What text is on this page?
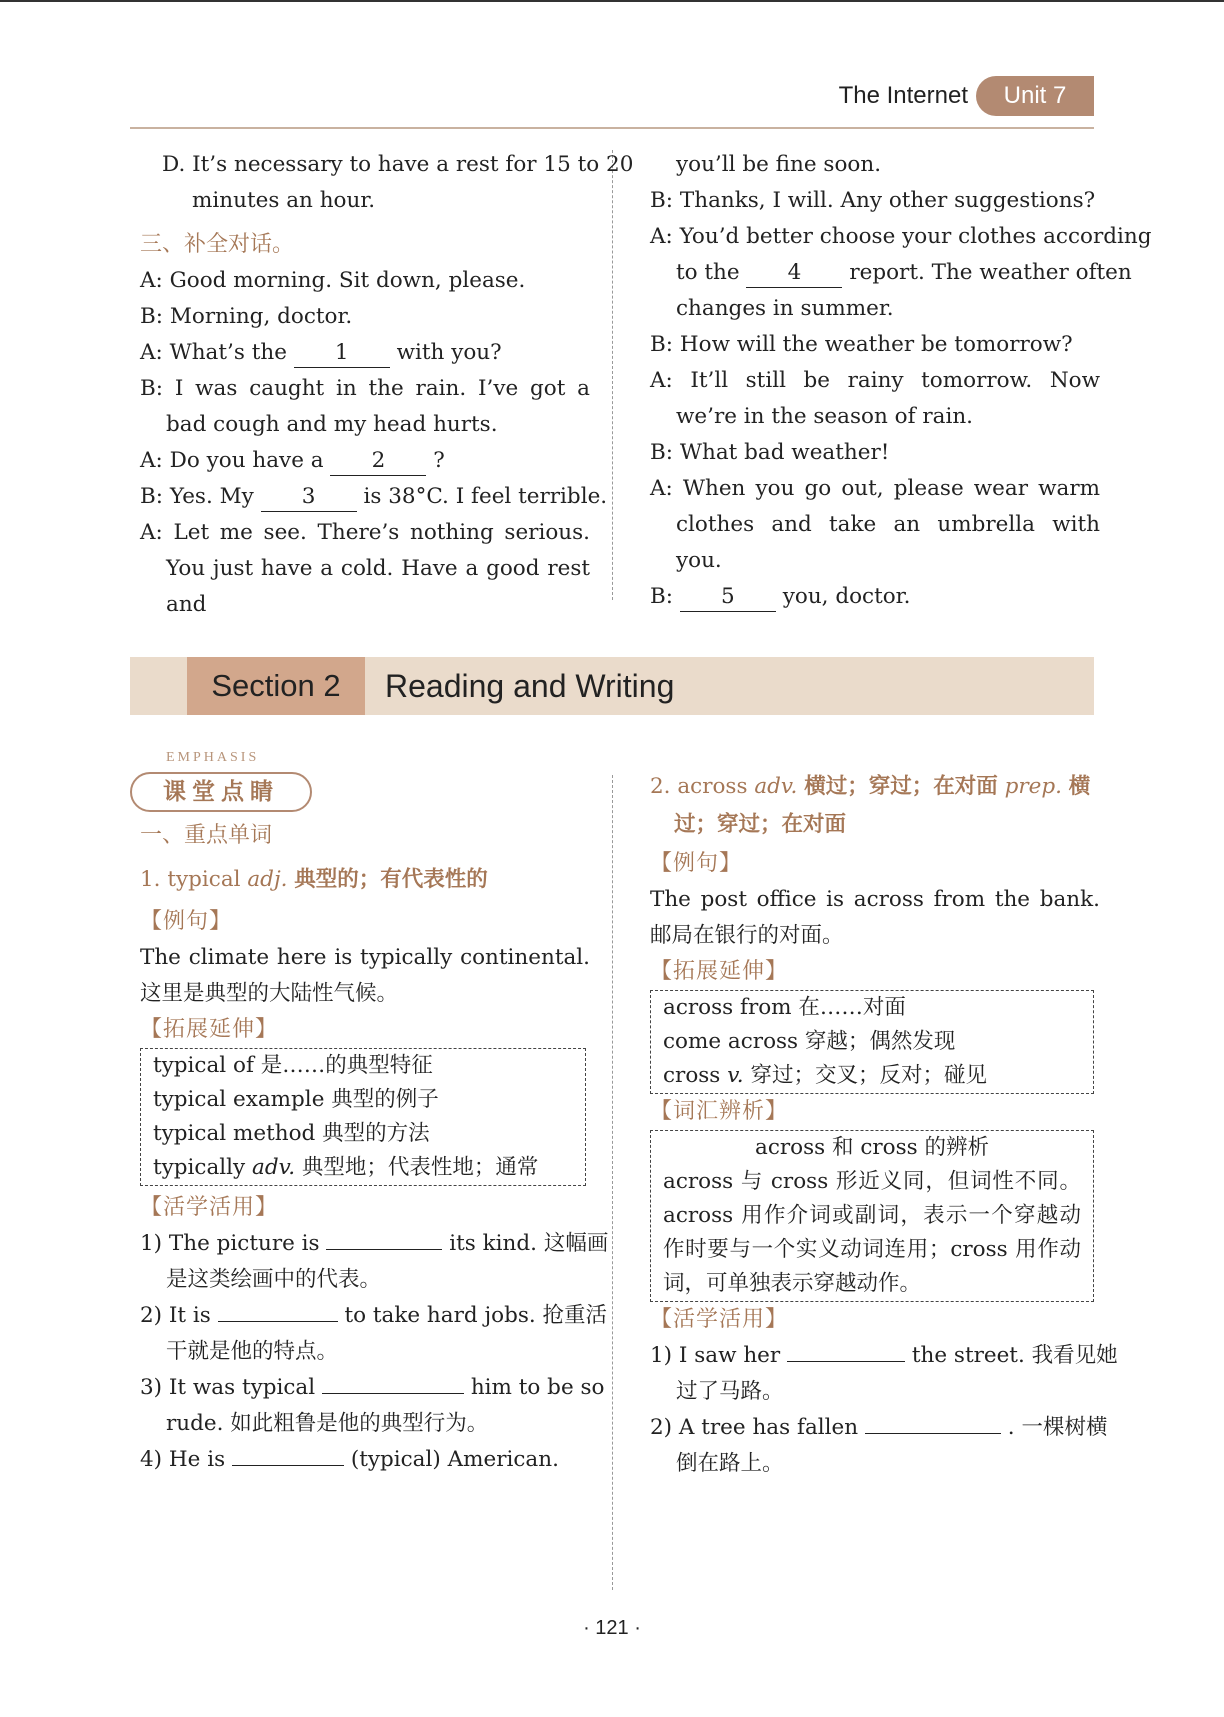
The Internet	Unit 7
D. It’s necessary to have a rest for 15 to 20
minutes an hour.
三、补全对话。
A: Good morning. Sit down, please.
B: Morning, doctor.
A: What’s the 1 with you?
B: I was caught in the rain. I’ve got a bad cough and my head hurts.
A: Do you have a 2 ?
B: Yes. My 3 is 38°C. I feel terrible.
A: Let me see. There’s nothing serious. You just have a cold. Have a good rest and
you’ll be fine soon.
B: Thanks, I will. Any other suggestions?
A: You’d better choose your clothes according
to the 4 report. The weather often
changes in summer.
B: How will the weather be tomorrow?
A: It’ll still be rainy tomorrow. Now we’re in the season of rain.
B: What bad weather!
A: When you go out, please wear warm clothes and take an umbrella with you.
B: 5 you, doctor.
Section 2	Reading and Writing
EMPHASIS
课堂点睛
一、重点单词
1. typical adj. 典型的；有代表性的
【例句】
The climate here is typically continental. 这里是典型的大陆性气候。
【拓展延伸】
typical of 是……的典型特征
typical example 典型的例子
typical method 典型的方法
typically adv. 典型地；代表性地；通常
【活学活用】
1) The picture is	its kind. 这幅画
是这类绘画中的代表。
2) It is	to take hard jobs. 抢重活
干就是他的特点。
3) It was typical	him to be so
rude. 如此粗鲁是他的典型行为。
4) He is	(typical) American.
2. across adv. 横过；穿过；在对面 prep. 横过；穿过；在对面
【例句】
The post office is across from the bank. 邮局在银行的对面。
【拓展延伸】
across from 在……对面
come across 穿越；偶然发现
cross v. 穿过；交叉；反对；碰见
【词汇辨析】
across 和 cross 的辨析
across 与 cross 形近义同，但词性不同。across 用作介词或副词，表示一个穿越动作时要与一个实义动词连用；cross 用作动词，可单独表示穿越动作。
【活学活用】
1) I saw her	the street. 我看见她
过了马路。
2) A tree has fallen	. 一棵树横
倒在路上。
· 121 ·
